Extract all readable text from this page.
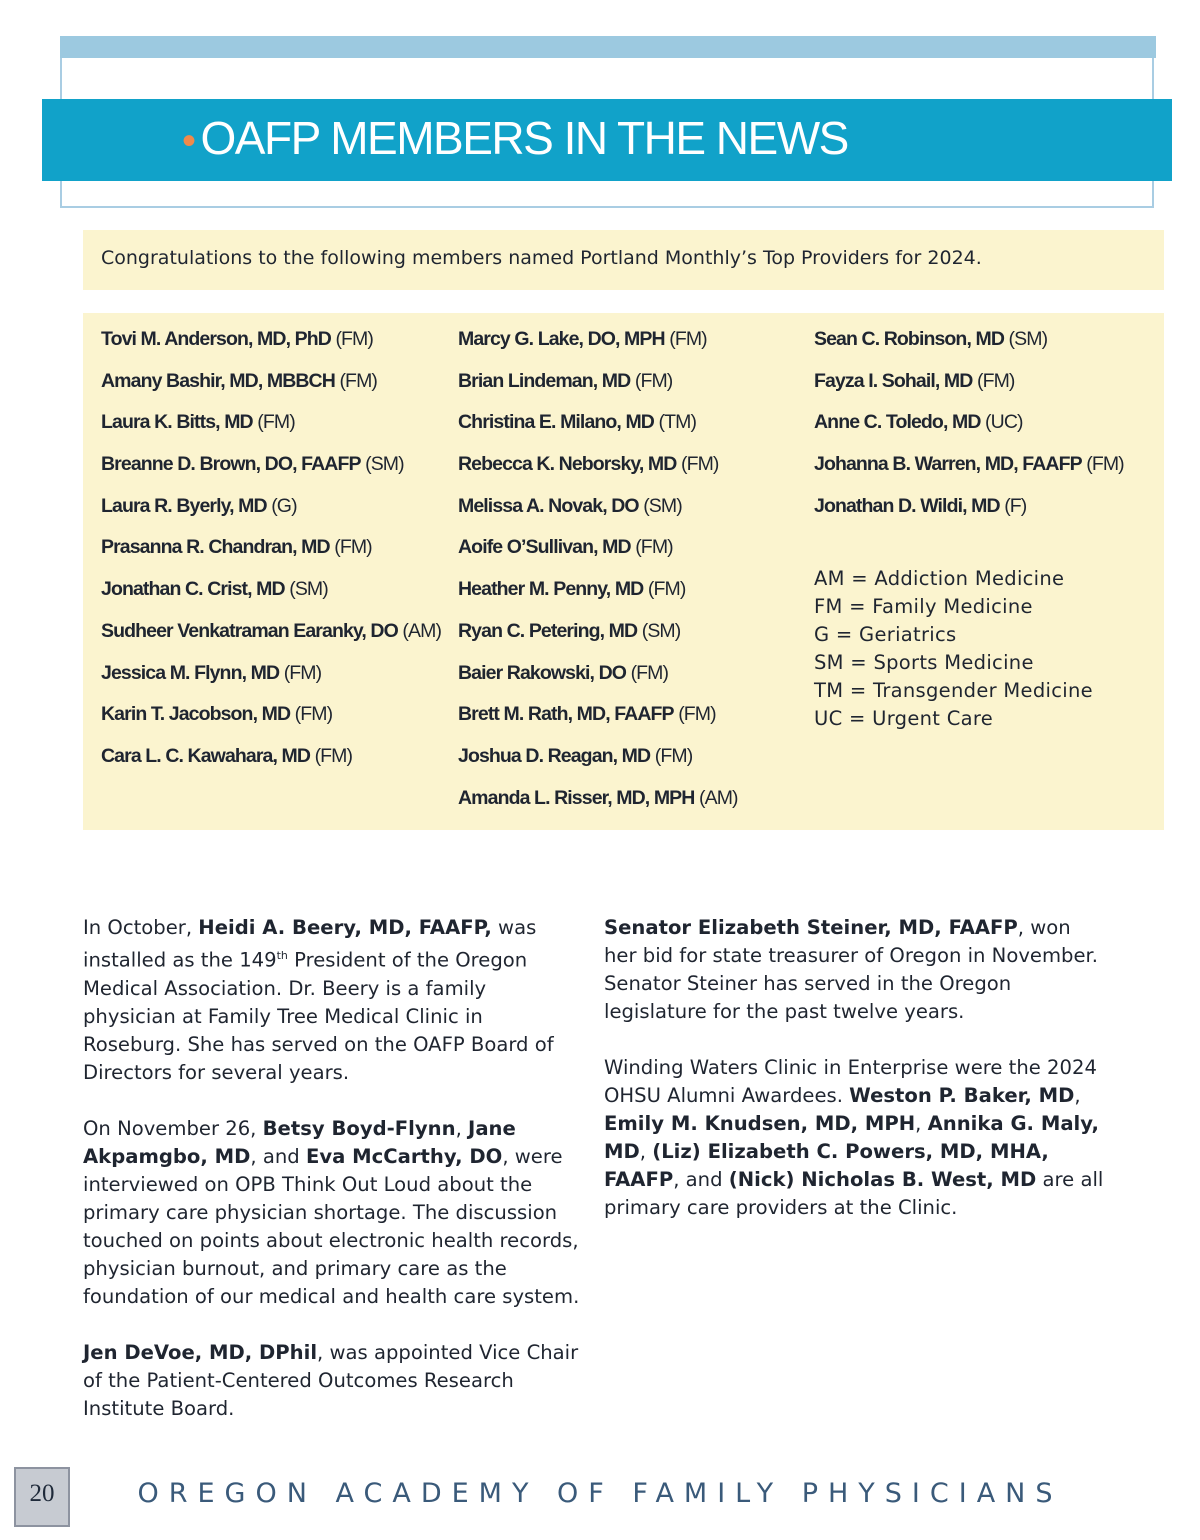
• OAFP MEMBERS IN THE NEWS
Congratulations to the following members named Portland Monthly’s Top Providers for 2024.
Tovi M. Anderson, MD, PhD (FM)
Amany Bashir, MD, MBBCH (FM)
Laura K. Bitts, MD (FM)
Breanne D. Brown, DO, FAAFP (SM)
Laura R. Byerly, MD (G)
Prasanna R. Chandran, MD (FM)
Jonathan C. Crist, MD (SM)
Sudheer Venkatraman Earanky, DO (AM)
Jessica M. Flynn, MD (FM)
Karin T. Jacobson, MD (FM)
Cara L. C. Kawahara, MD (FM)
Marcy G. Lake, DO, MPH (FM)
Brian Lindeman, MD (FM)
Christina E. Milano, MD (TM)
Rebecca K. Neborsky, MD (FM)
Melissa A. Novak, DO (SM)
Aoife O’Sullivan, MD (FM)
Heather M. Penny, MD (FM)
Ryan C. Petering, MD (SM)
Baier Rakowski, DO (FM)
Brett M. Rath, MD, FAAFP (FM)
Joshua D. Reagan, MD (FM)
Amanda L. Risser, MD, MPH (AM)
Sean C. Robinson, MD (SM)
Fayza I. Sohail, MD (FM)
Anne C. Toledo, MD (UC)
Johanna B. Warren, MD, FAAFP (FM)
Jonathan D. Wildi, MD (F)
AM = Addiction Medicine
FM = Family Medicine
G = Geriatrics
SM = Sports Medicine
TM = Transgender Medicine
UC = Urgent Care

In October, Heidi A. Beery, MD, FAAFP, was installed as the 149th President of the Oregon Medical Association. Dr. Beery is a family physician at Family Tree Medical Clinic in Roseburg. She has served on the OAFP Board of Directors for several years.

On November 26, Betsy Boyd-Flynn, Jane Akpamgbo, MD, and Eva McCarthy, DO, were interviewed on OPB Think Out Loud about the primary care physician shortage. The discussion touched on points about electronic health records, physician burnout, and primary care as the foundation of our medical and health care system.

Jen DeVoe, MD, DPhil, was appointed Vice Chair of the Patient-Centered Outcomes Research Institute Board.

Senator Elizabeth Steiner, MD, FAAFP, won her bid for state treasurer of Oregon in November. Senator Steiner has served in the Oregon legislature for the past twelve years.

Winding Waters Clinic in Enterprise were the 2024 OHSU Alumni Awardees. Weston P. Baker, MD, Emily M. Knudsen, MD, MPH, Annika G. Maly, MD, (Liz) Elizabeth C. Powers, MD, MHA, FAAFP, and (Nick) Nicholas B. West, MD are all primary care providers at the Clinic.

20	OREGON ACADEMY OF FAMILY PHYSICIANS
